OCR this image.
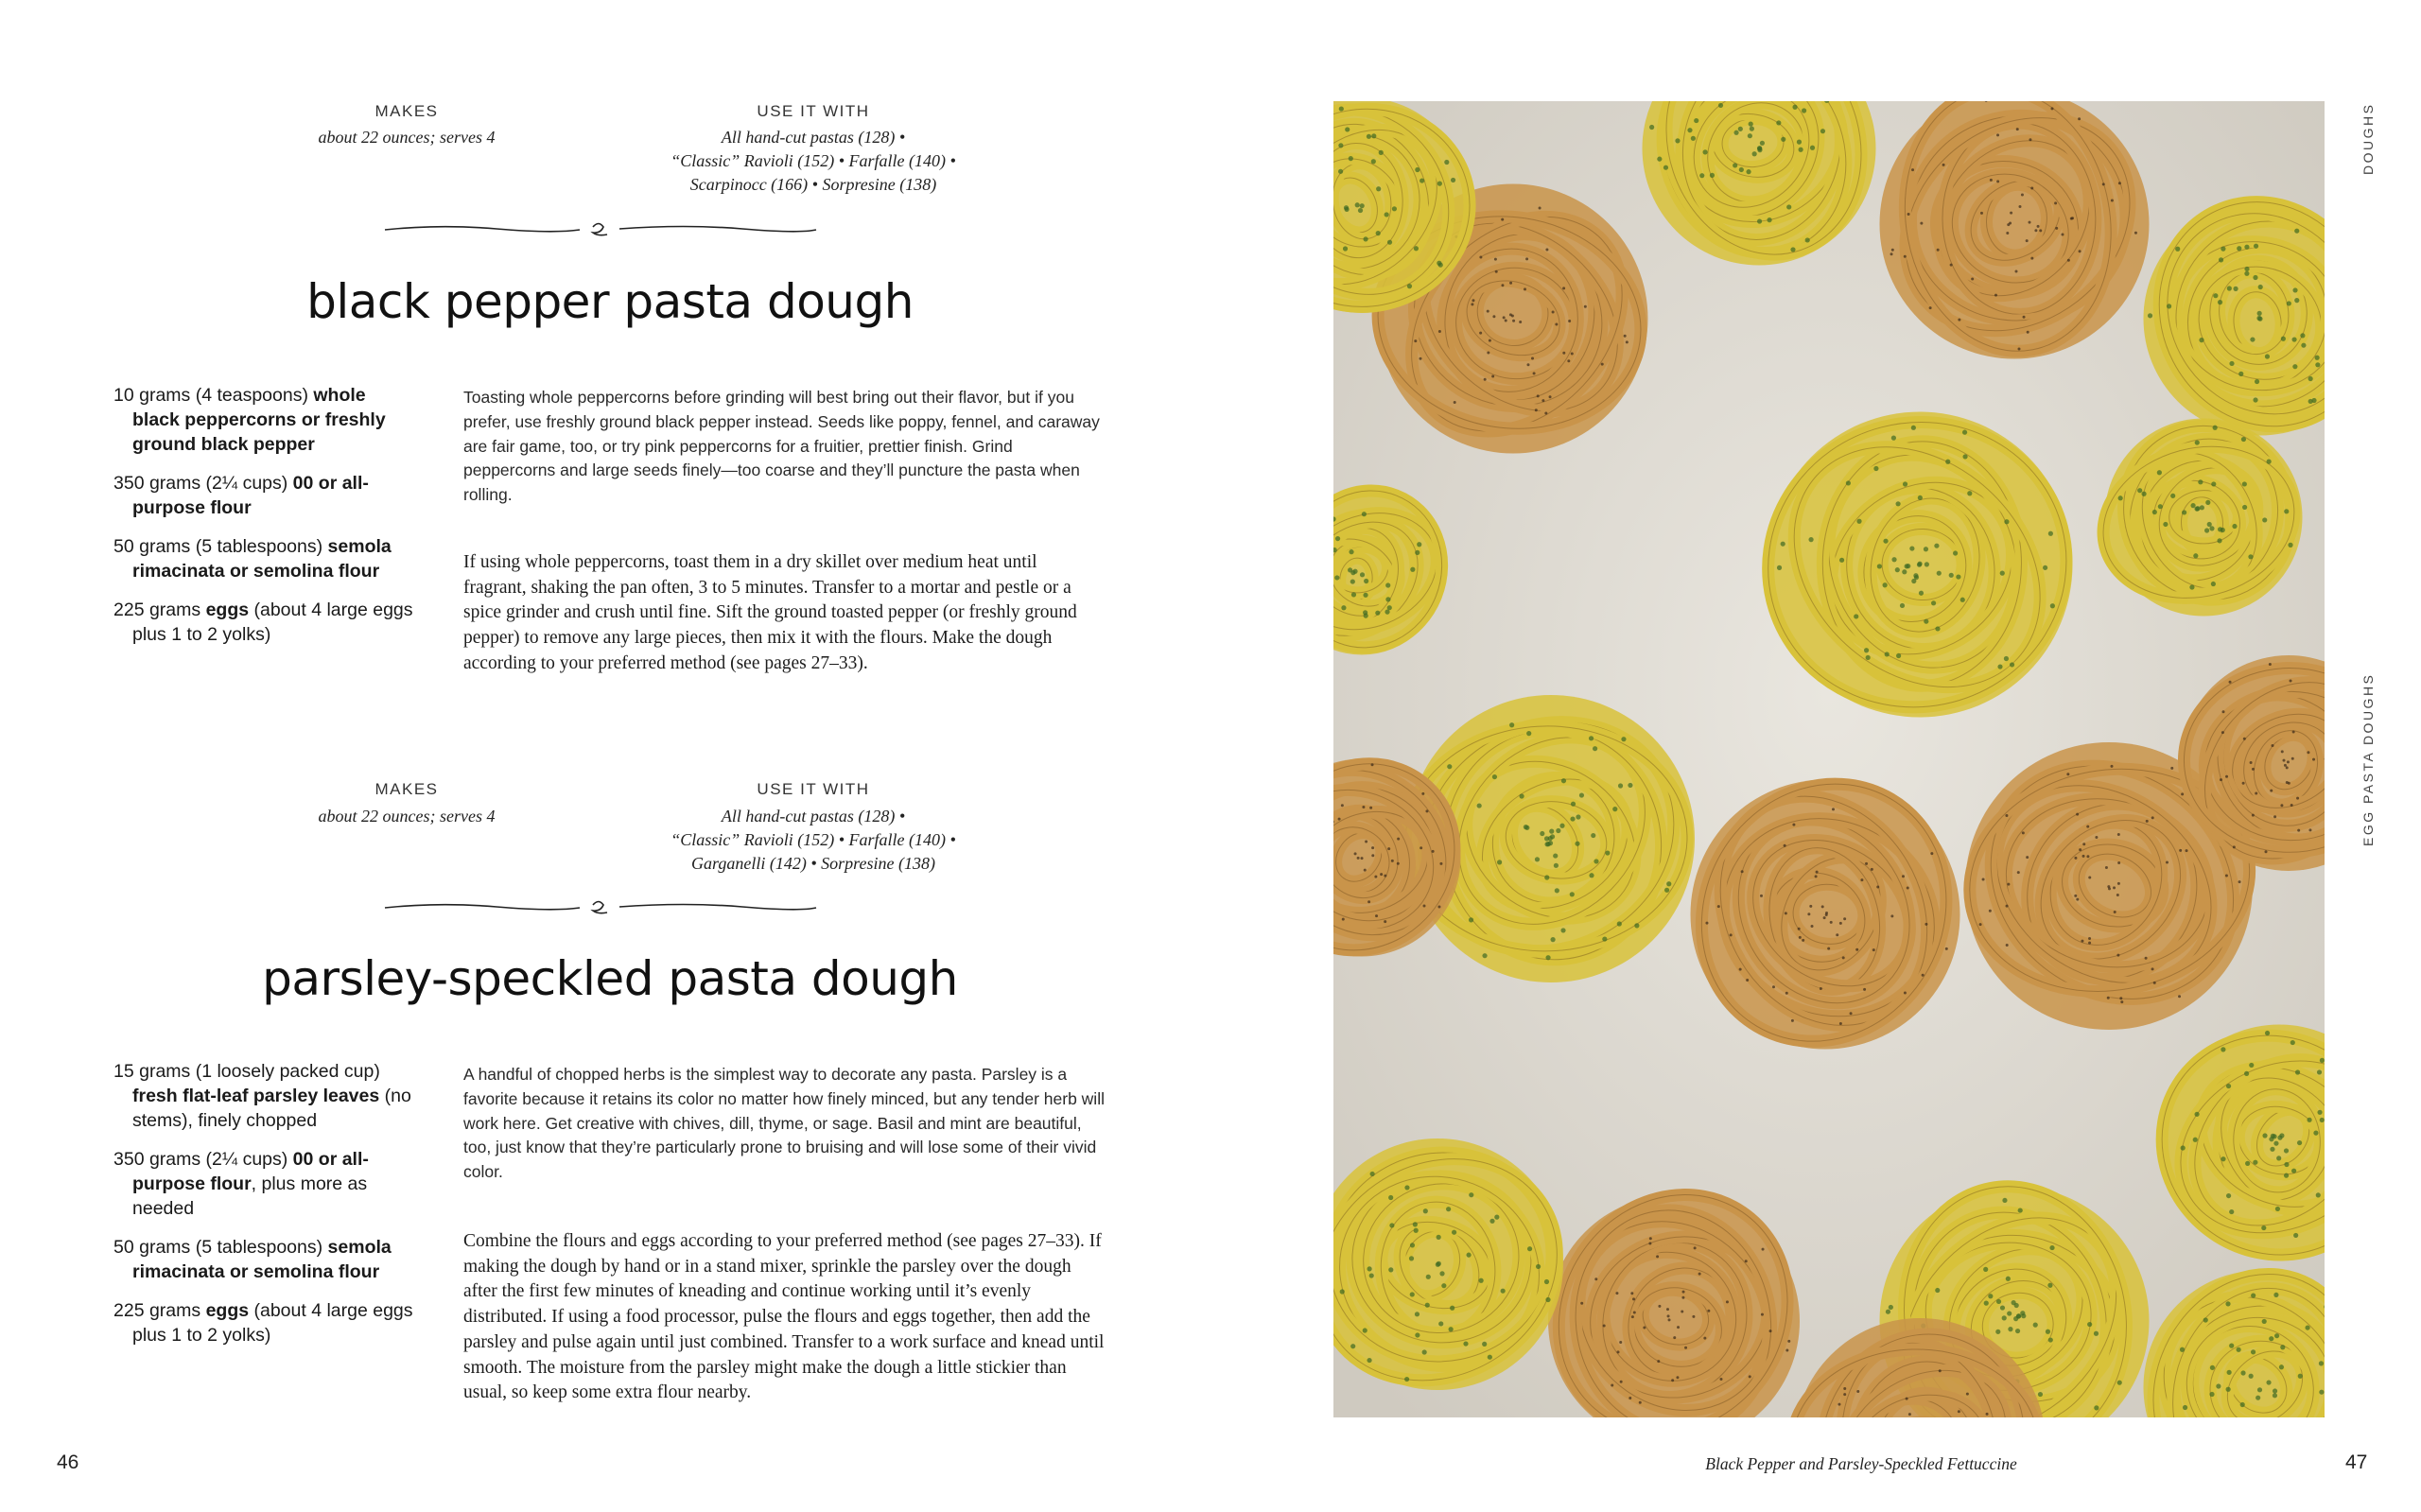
MAKES
about 22 ounces; serves 4
USE IT WITH
All hand-cut pastas (128) •
“Classic” Ravioli (152) • Farfalle (140) •
Scarpinocc (166) • Sorpresine (138)
black pepper pasta dough
10 grams (4 teaspoons) whole black peppercorns or freshly ground black pepper
350 grams (2¼ cups) 00 or all-purpose flour
50 grams (5 tablespoons) semola rimacinata or semolina flour
225 grams eggs (about 4 large eggs plus 1 to 2 yolks)
Toasting whole peppercorns before grinding will best bring out their flavor, but if you prefer, use freshly ground black pepper instead. Seeds like poppy, fennel, and caraway are fair game, too, or try pink peppercorns for a fruitier, prettier finish. Grind peppercorns and large seeds finely—too coarse and they’ll puncture the pasta when rolling.
If using whole peppercorns, toast them in a dry skillet over medium heat until fragrant, shaking the pan often, 3 to 5 minutes. Transfer to a mortar and pestle or a spice grinder and crush until fine. Sift the ground toasted pepper (or freshly ground pepper) to remove any large pieces, then mix it with the flours. Make the dough according to your preferred method (see pages 27–33).
MAKES
about 22 ounces; serves 4
USE IT WITH
All hand-cut pastas (128) •
“Classic” Ravioli (152) • Farfalle (140) •
Garganelli (142) • Sorpresine (138)
parsley-speckled pasta dough
15 grams (1 loosely packed cup) fresh flat-leaf parsley leaves (no stems), finely chopped
350 grams (2¼ cups) 00 or all-purpose flour, plus more as needed
50 grams (5 tablespoons) semola rimacinata or semolina flour
225 grams eggs (about 4 large eggs plus 1 to 2 yolks)
A handful of chopped herbs is the simplest way to decorate any pasta. Parsley is a favorite because it retains its color no matter how finely minced, but any tender herb will work here. Get creative with chives, dill, thyme, or sage. Basil and mint are beautiful, too, just know that they’re particularly prone to bruising and will lose some of their vivid color.
Combine the flours and eggs according to your preferred method (see pages 27–33). If making the dough by hand or in a stand mixer, sprinkle the parsley over the dough after the first few minutes of kneading and continue working until it’s evenly distributed. If using a food processor, pulse the flours and eggs together, then add the parsley and pulse again until just combined. Transfer to a work surface and knead until smooth. The moisture from the parsley might make the dough a little stickier than usual, so keep some extra flour nearby.
46	Black Pepper and Parsley-Speckled Fettuccine	47
DOUGHS
EGG PASTA DOUGHS
